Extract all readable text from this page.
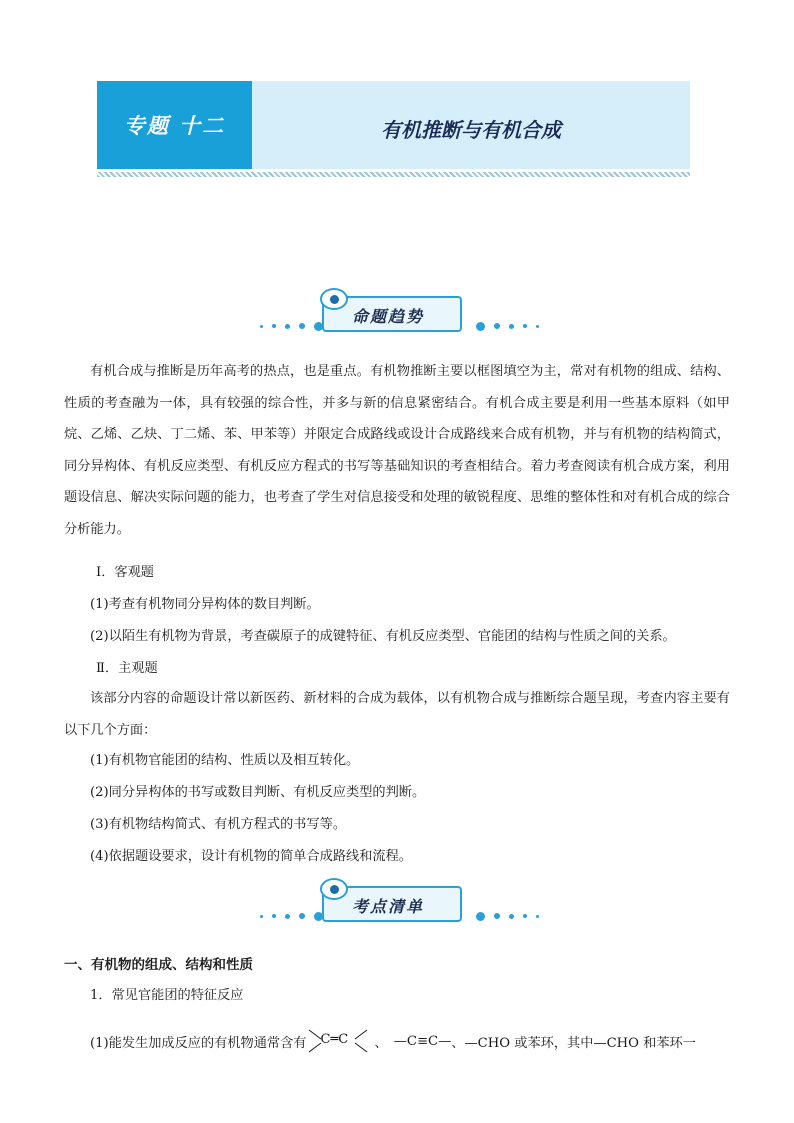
专题 十二	有机推断与有机合成
命题趋势

有机合成与推断是历年高考的热点，也是重点。有机物推断主要以框图填空为主，常对有机物的组成、结构、性质的考查融为一体，具有较强的综合性，并多与新的信息紧密结合。有机合成主要是利用一些基本原料（如甲烷、乙烯、乙炔、丁二烯、苯、甲苯等）并限定合成路线或设计合成路线来合成有机物，并与有机物的结构简式，同分异构体、有机反应类型、有机反应方程式的书写等基础知识的考查相结合。着力考查阅读有机合成方案，利用题设信息、解决实际问题的能力，也考查了学生对信息接受和处理的敏锐程度、思维的整体性和对有机合成的综合分析能力。

Ⅰ．客观题
(1)考查有机物同分异构体的数目判断。
(2)以陌生有机物为背景，考查碳原子的成键特征、有机反应类型、官能团的结构与性质之间的关系。
Ⅱ．主观题

该部分内容的命题设计常以新医药、新材料的合成为载体，以有机物合成与推断综合题呈现，考查内容主要有以下几个方面：

(1)有机物官能团的结构、性质以及相互转化。
(2)同分异构体的书写或数目判断、有机反应类型的判断。
(3)有机物结构简式、有机方程式的书写等。
(4)依据题设要求，设计有机物的简单合成路线和流程。
考点清单
一、有机物的组成、结构和性质
1．常见官能团的特征反应
(1)能发生加成反应的有机物通常含有 C═C 、 —C≡C— 、—CHO 或苯环，其中—CHO 和苯环一
